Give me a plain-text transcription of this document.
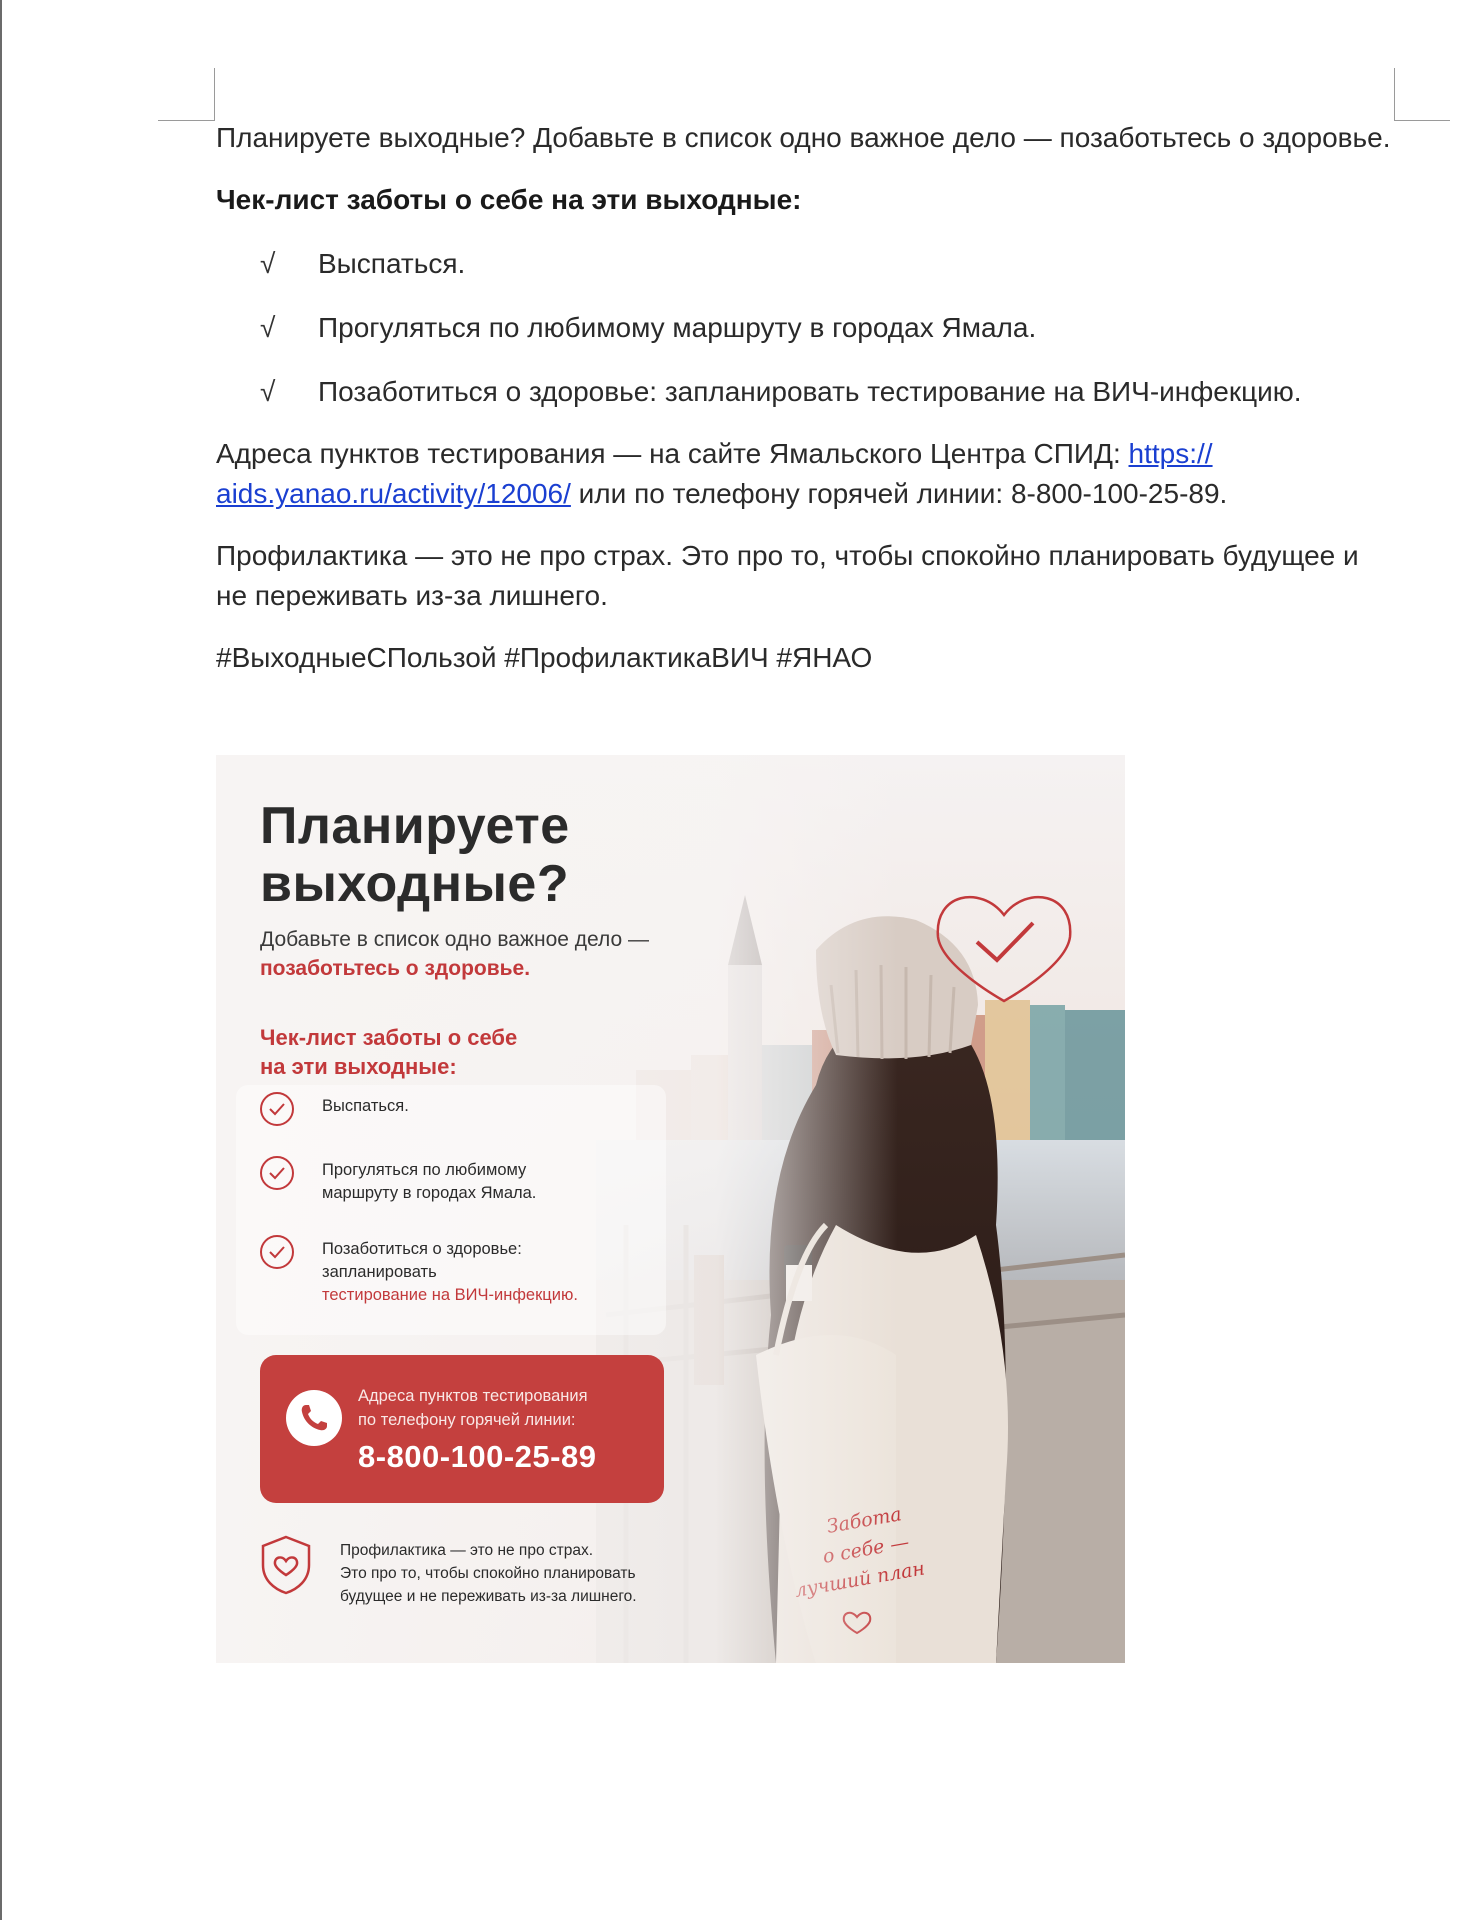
Планируете выходные? Добавьте в список одно важное дело — позаботьтесь о здоровье.

Чек-лист заботы о себе на эти выходные:

√	Выспаться.
√	Прогуляться по любимому маршруту в городах Ямала.
√	Позаботиться о здоровье: запланировать тестирование на ВИЧ-инфекцию.

Адреса пунктов тестирования — на сайте Ямальского Центра СПИД: https:// aids.yanao.ru/activity/12006/ или по телефону горячей линии: 8-800-100-25-89.

Профилактика — это не про страх. Это про то, чтобы спокойно планировать будущее и не переживать из-за лишнего.

#ВыходныеСПользой #ПрофилактикаВИЧ #ЯНАО

Планируете

выходные?

Добавьте в список одно важное дело —
позаботьтесь о здоровье.
Чек-лист заботы о себе
на эти выходные:
Выспаться.
Прогуляться по любимому
маршруту в городах Ямала.
Позаботиться о здоровье:
запланировать
тестирование на ВИЧ-инфекцию.
Адреса пунктов тестирования
по телефону горячей линии:
8-800-100-25-89
Профилактика — это не про страх.
Это про то, чтобы спокойно планировать
будущее и не переживать из-за лишнего.
